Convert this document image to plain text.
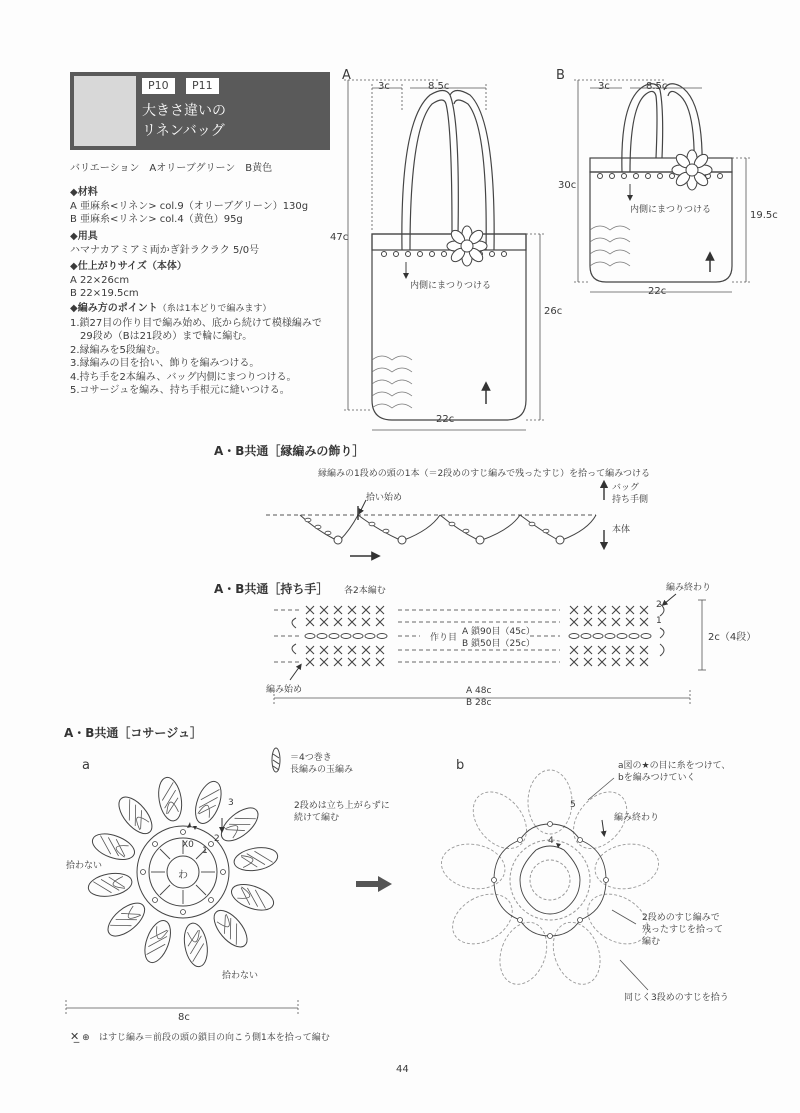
P10	P11
大きさ違いの
リネンバッグ
バリエーション　Aオリーブグリーン　B黄色
◆材料
A 亜麻糸<リネン> col.9（オリーブグリーン）130g
B 亜麻糸<リネン> col.4（黄色）95g
◆用具
ハマナカアミアミ両かぎ針ラクラク 5/0号
◆仕上がりサイズ（本体）
A 22×26cm
B 22×19.5cm
◆編み方のポイント（糸は1本どりで編みます）
1.鎖27目の作り目で編み始め、底から続けて模様編みで
　29段め（Bは21段め）まで輪に編む。
2.縁編みを5段編む。
3.縁編みの目を拾い、飾りを編みつける。
4.持ち手を2本編み、バッグ内側にまつりつける。
5.コサージュを編み、持ち手根元に縫いつける。
A
3c	8.5c
47c
26c
22c
内側にまつりつける
B
3c	8.5c
30c
19.5c
22c
内側にまつりつける
A・B共通［縁編みの飾り］
縁編みの1段めの頭の1本（＝2段めのすじ編みで残ったすじ）を拾って編みつける
拾い始め
バッグ
持ち手側
本体
A・B共通［持ち手］ 各2本編む	編み終わり
編み始め
作り目
A 鎖90目（45c）
B 鎖50目（25c）
2c（4段）
A 48c
B 28c
2
1
A・B共通［コサージュ］
a	b
＝4つ巻き
長編みの玉編み
2段めは立ち上がらずに
続けて編む
拾わない
拾わない
わ
X0
1
2
3
8c
a図の★の目に糸をつけて、
bを編みつけていく
編み終わり
2段めのすじ編みで
残ったすじを拾って
編む
同じく3段めのすじを拾う
4
5
✕̲ ⊕ はすじ編み＝前段の頭の鎖目の向こう側1本を拾って編む
44
